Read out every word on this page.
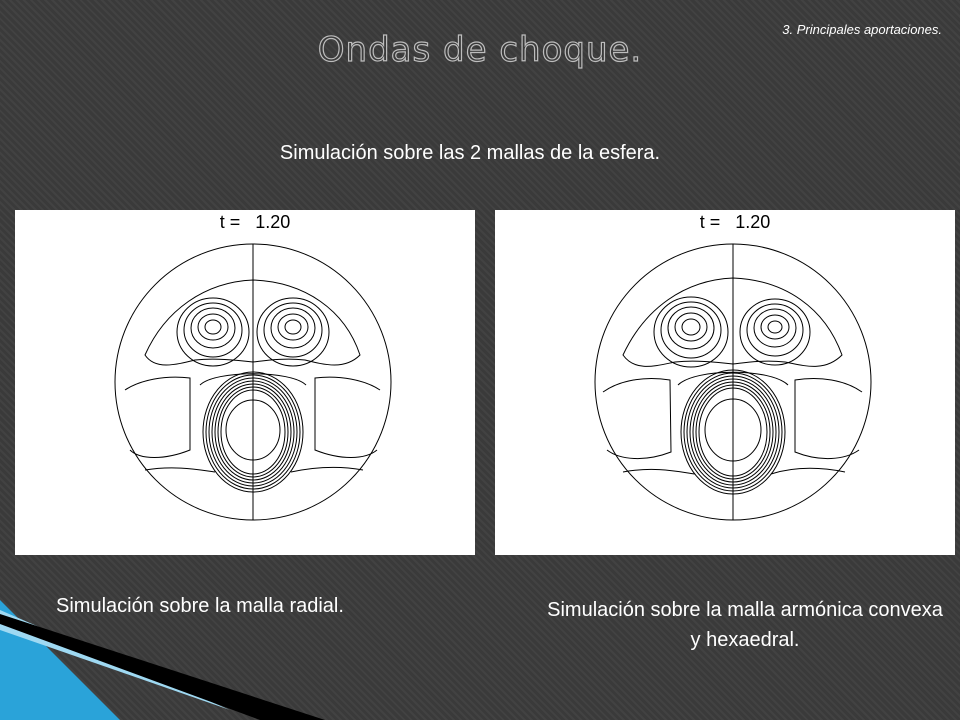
3. Principales aportaciones.
Ondas de choque.
Simulación sobre las 2 mallas de la esfera.
t =   1.20	t =   1.20
Simulación sobre la malla radial.	Simulación sobre la malla armónica convexa y hexaedral.
